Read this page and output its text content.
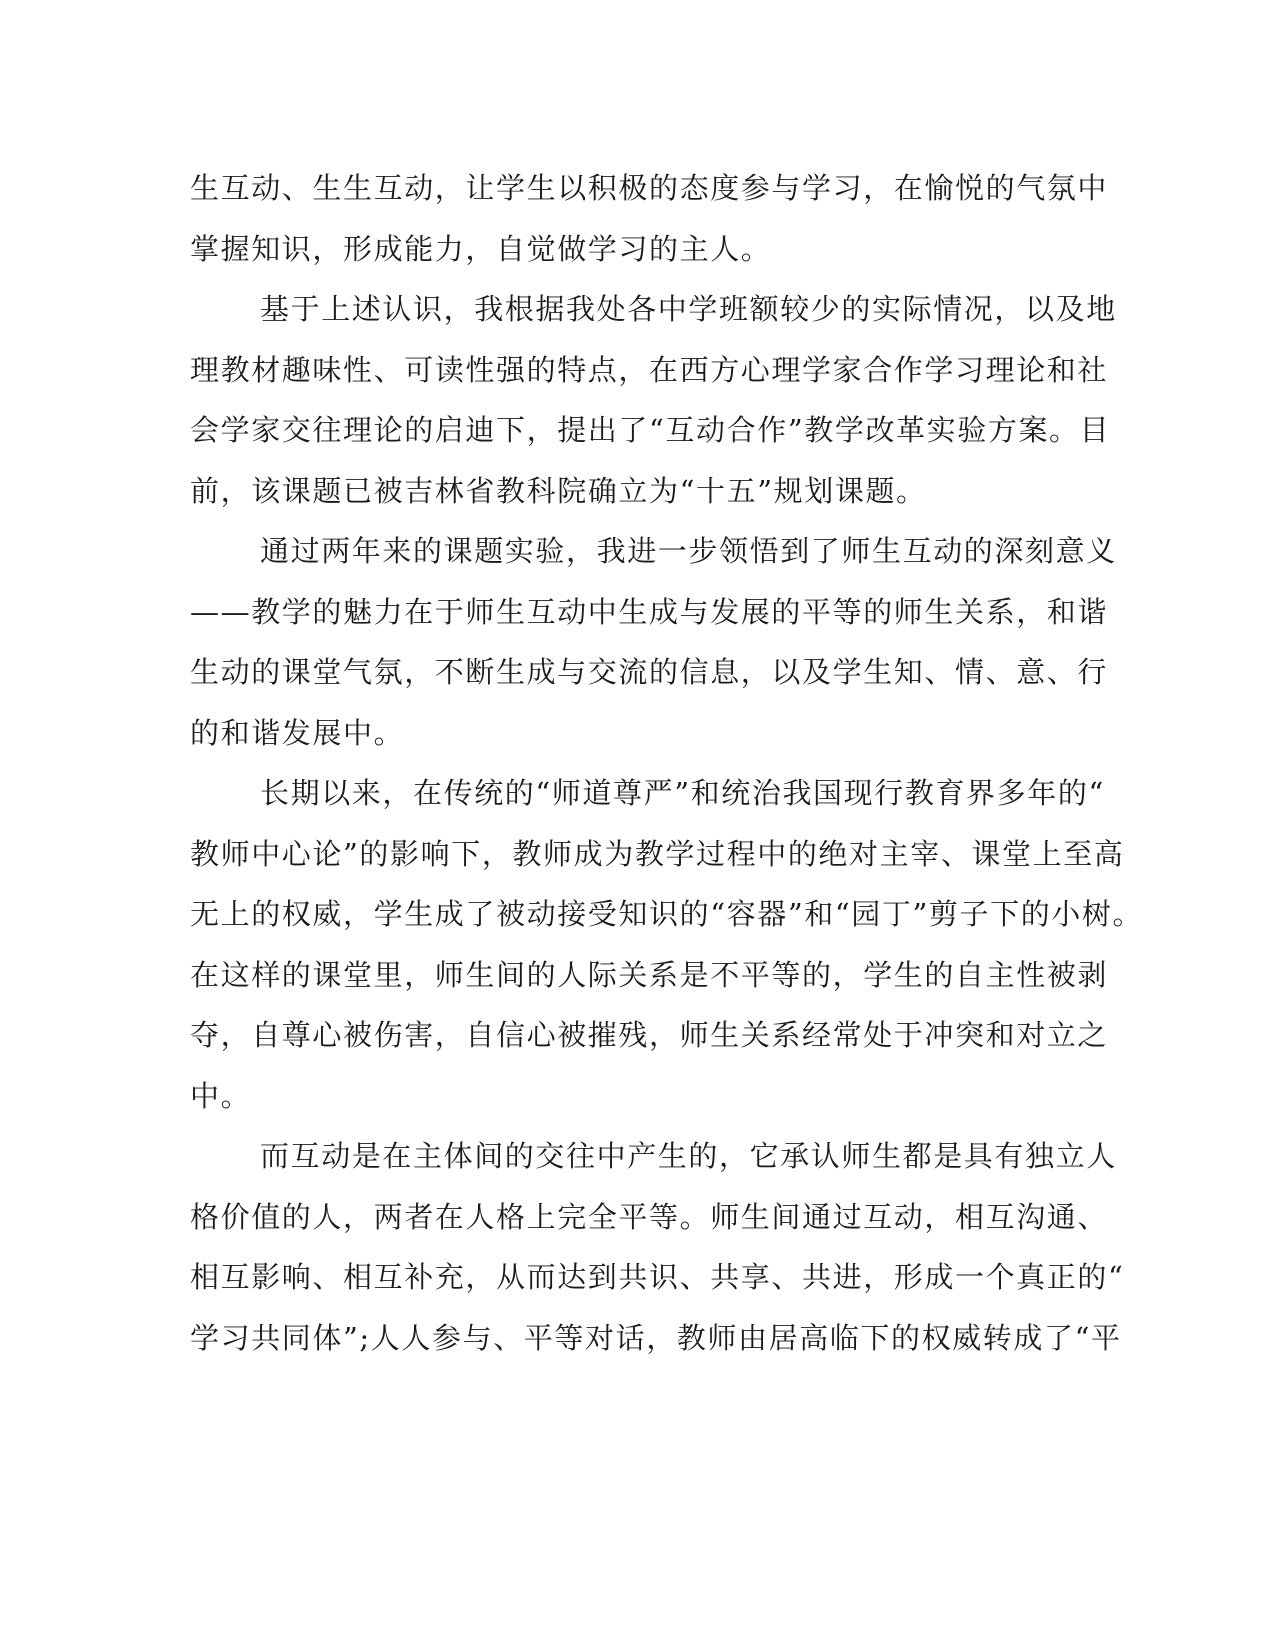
生互动、生生互动，让学生以积极的态度参与学习，在愉悦的气氛中
掌握知识，形成能力，自觉做学习的主人。
基于上述认识，我根据我处各中学班额较少的实际情况，以及地
理教材趣味性、可读性强的特点，在西方心理学家合作学习理论和社
会学家交往理论的启迪下，提出了“互动合作”教学改革实验方案。目
前，该课题已被吉林省教科院确立为“十五”规划课题。
通过两年来的课题实验，我进一步领悟到了师生互动的深刻意义
——教学的魅力在于师生互动中生成与发展的平等的师生关系，和谐
生动的课堂气氛，不断生成与交流的信息，以及学生知、情、意、行
的和谐发展中。
长期以来，在传统的“师道尊严”和统治我国现行教育界多年的“
教师中心论”的影响下，教师成为教学过程中的绝对主宰、课堂上至高
无上的权威，学生成了被动接受知识的“容器”和“园丁”剪子下的小树。
在这样的课堂里，师生间的人际关系是不平等的，学生的自主性被剥
夺，自尊心被伤害，自信心被摧残，师生关系经常处于冲突和对立之
中。
而互动是在主体间的交往中产生的，它承认师生都是具有独立人
格价值的人，两者在人格上完全平等。师生间通过互动，相互沟通、
相互影响、相互补充，从而达到共识、共享、共进，形成一个真正的“
学习共同体”;人人参与、平等对话，教师由居高临下的权威转成了“平
